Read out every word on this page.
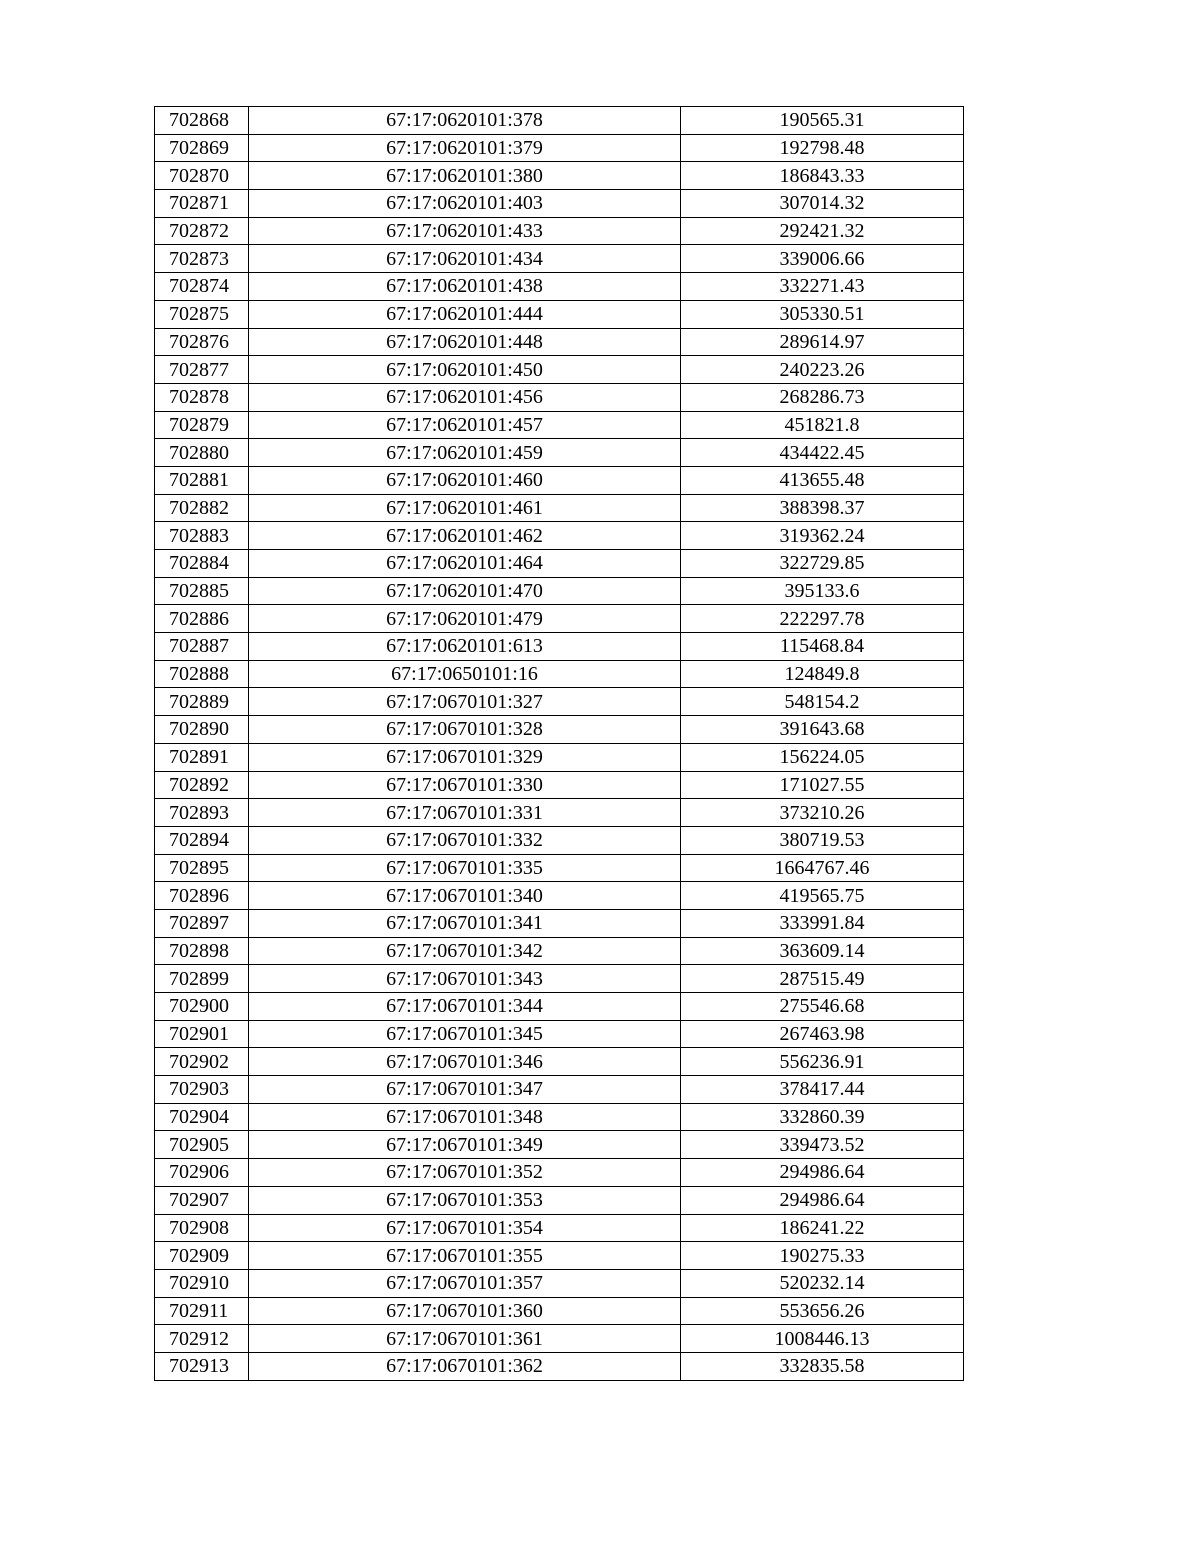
702868	67:17:0620101:378	190565.31
702869	67:17:0620101:379	192798.48
702870	67:17:0620101:380	186843.33
702871	67:17:0620101:403	307014.32
702872	67:17:0620101:433	292421.32
702873	67:17:0620101:434	339006.66
702874	67:17:0620101:438	332271.43
702875	67:17:0620101:444	305330.51
702876	67:17:0620101:448	289614.97
702877	67:17:0620101:450	240223.26
702878	67:17:0620101:456	268286.73
702879	67:17:0620101:457	451821.8
702880	67:17:0620101:459	434422.45
702881	67:17:0620101:460	413655.48
702882	67:17:0620101:461	388398.37
702883	67:17:0620101:462	319362.24
702884	67:17:0620101:464	322729.85
702885	67:17:0620101:470	395133.6
702886	67:17:0620101:479	222297.78
702887	67:17:0620101:613	115468.84
702888	67:17:0650101:16	124849.8
702889	67:17:0670101:327	548154.2
702890	67:17:0670101:328	391643.68
702891	67:17:0670101:329	156224.05
702892	67:17:0670101:330	171027.55
702893	67:17:0670101:331	373210.26
702894	67:17:0670101:332	380719.53
702895	67:17:0670101:335	1664767.46
702896	67:17:0670101:340	419565.75
702897	67:17:0670101:341	333991.84
702898	67:17:0670101:342	363609.14
702899	67:17:0670101:343	287515.49
702900	67:17:0670101:344	275546.68
702901	67:17:0670101:345	267463.98
702902	67:17:0670101:346	556236.91
702903	67:17:0670101:347	378417.44
702904	67:17:0670101:348	332860.39
702905	67:17:0670101:349	339473.52
702906	67:17:0670101:352	294986.64
702907	67:17:0670101:353	294986.64
702908	67:17:0670101:354	186241.22
702909	67:17:0670101:355	190275.33
702910	67:17:0670101:357	520232.14
702911	67:17:0670101:360	553656.26
702912	67:17:0670101:361	1008446.13
702913	67:17:0670101:362	332835.58
